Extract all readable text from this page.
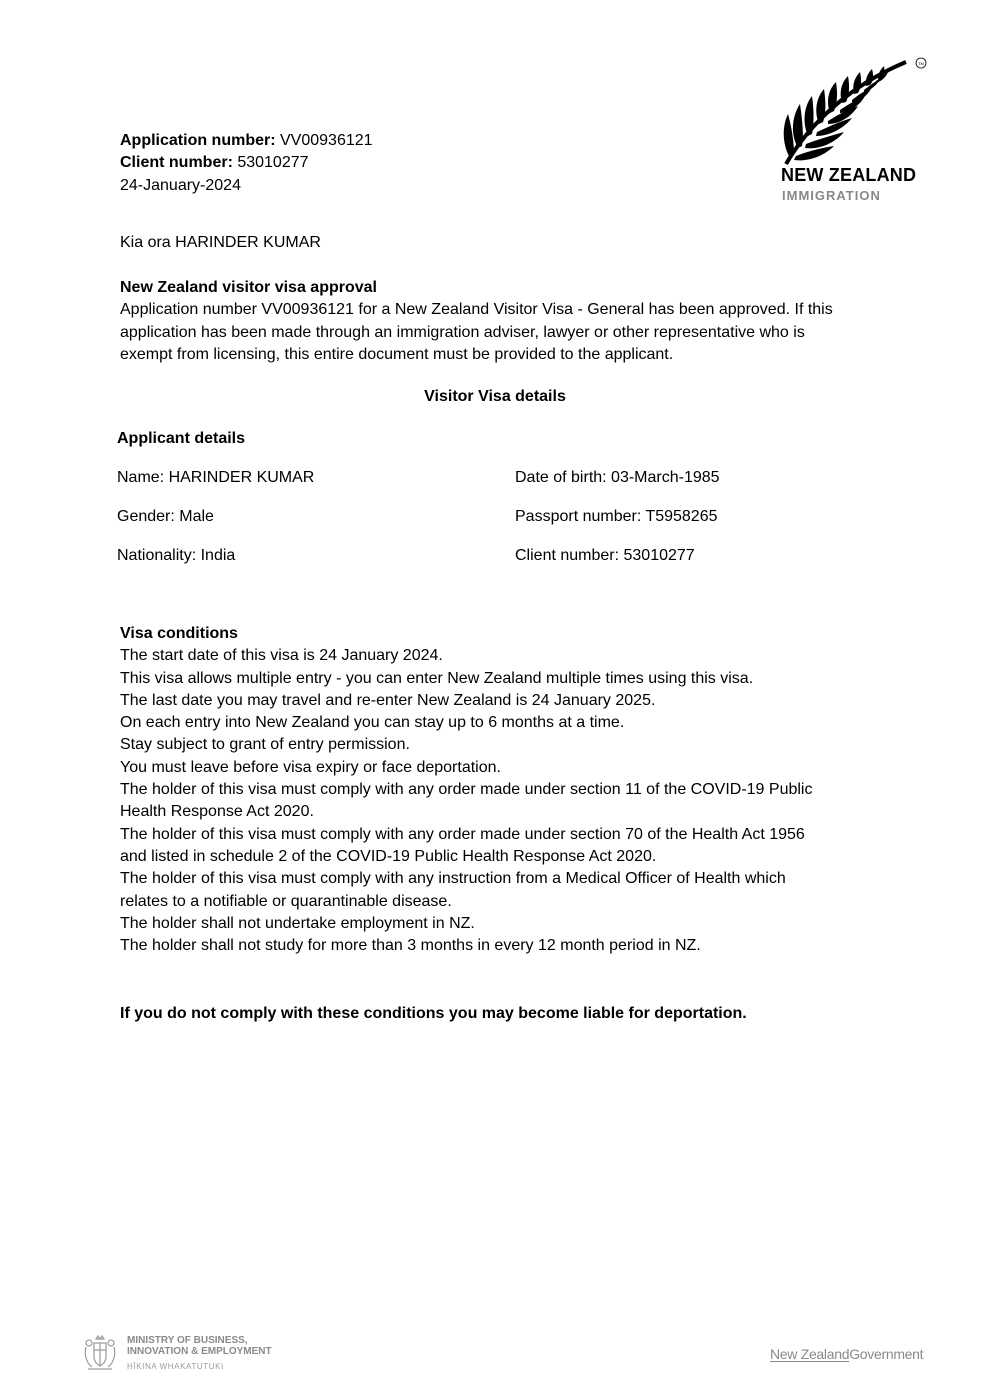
Application number: VV00936121
Client number: 53010277
24-January-2024
TM
NEW ZEALAND
IMMIGRATION
Kia ora HARINDER KUMAR
New Zealand visitor visa approval
Application number VV00936121 for a New Zealand Visitor Visa - General has been approved. If this
application has been made through an immigration adviser, lawyer or other representative who is
exempt from licensing, this entire document must be provided to the applicant.
Visitor Visa details
Applicant details
Name: HARINDER KUMAR	Date of birth: 03-March-1985
Gender: Male	Passport number: T5958265
Nationality: India	Client number: 53010277
Visa conditions
The start date of this visa is 24 January 2024.
This visa allows multiple entry - you can enter New Zealand multiple times using this visa.
The last date you may travel and re-enter New Zealand is 24 January 2025.
On each entry into New Zealand you can stay up to 6 months at a time.
Stay subject to grant of entry permission.
You must leave before visa expiry or face deportation.
The holder of this visa must comply with any order made under section 11 of the COVID-19 Public
Health Response Act 2020.
The holder of this visa must comply with any order made under section 70 of the Health Act 1956
and listed in schedule 2 of the COVID-19 Public Health Response Act 2020.
The holder of this visa must comply with any instruction from a Medical Officer of Health which
relates to a notifiable or quarantinable disease.
The holder shall not undertake employment in NZ.
The holder shall not study for more than 3 months in every 12 month period in NZ.
If you do not comply with these conditions you may become liable for deportation.
MINISTRY OF BUSINESS,
INNOVATION & EMPLOYMENT
HĪKINA WHAKATUTUKI
New ZealandGovernment
